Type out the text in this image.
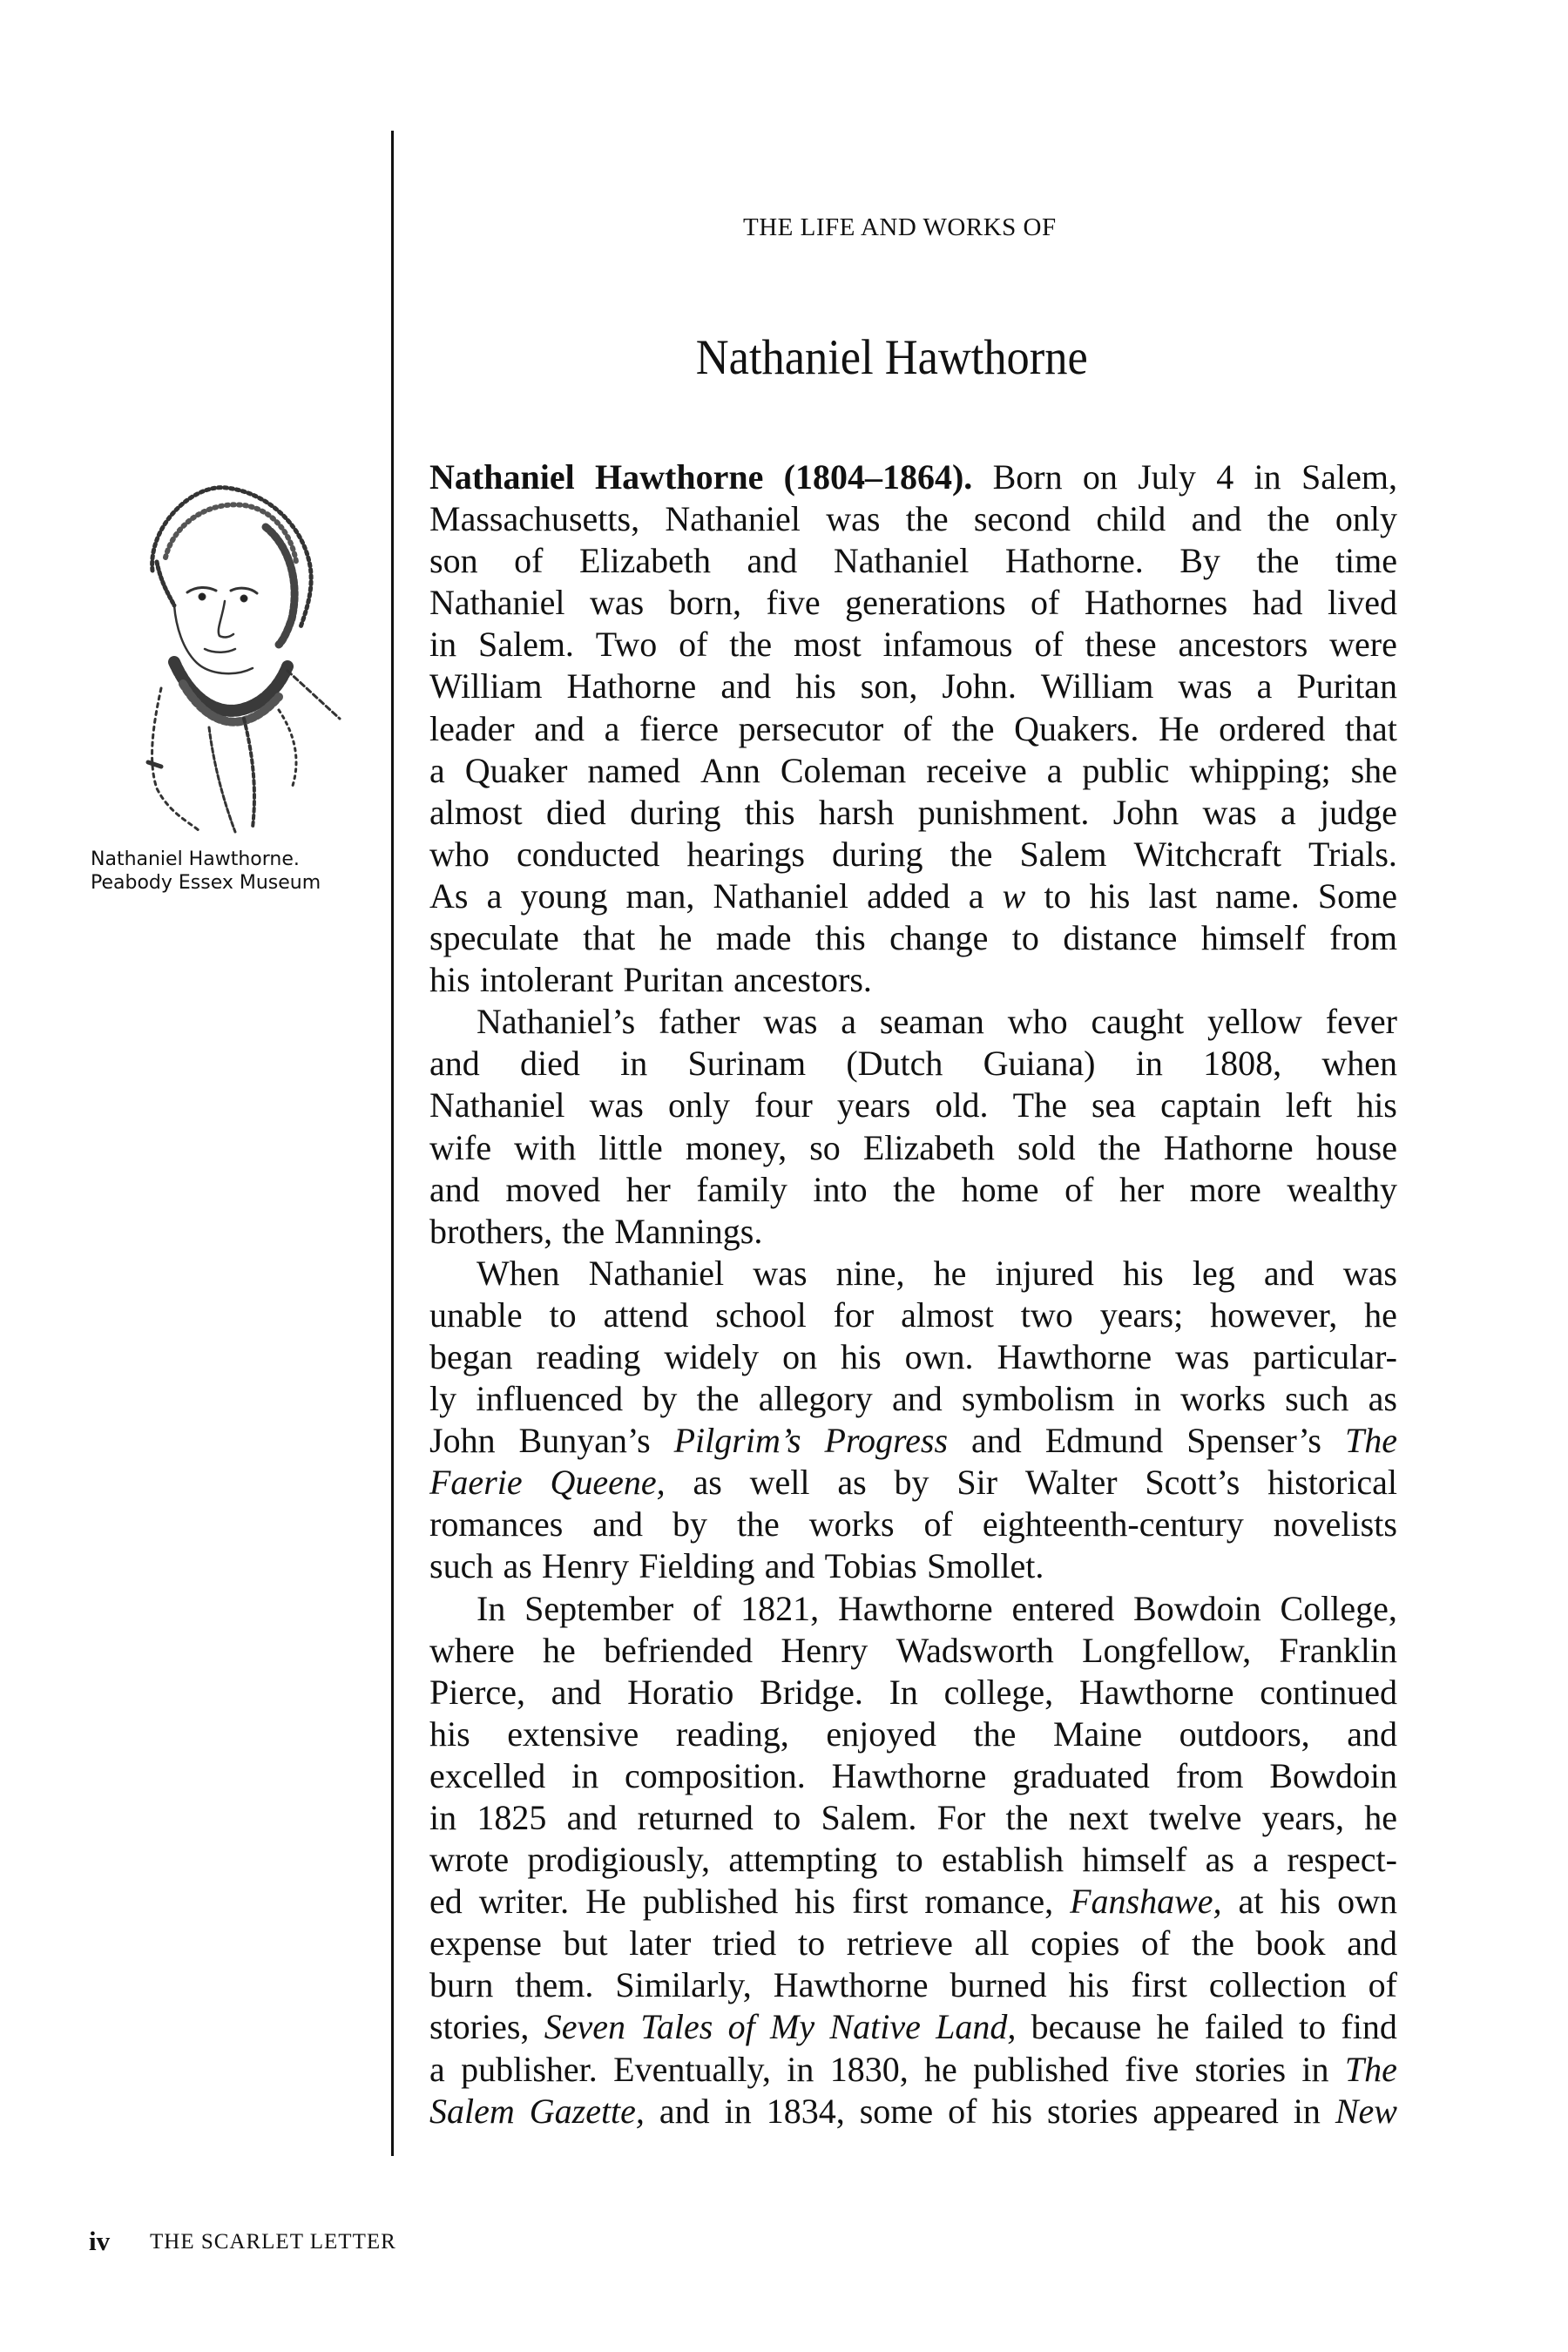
THE LIFE AND WORKS OF
Nathaniel Hawthorne
Nathaniel Hawthorne.
Peabody Essex Museum
Nathaniel Hawthorne (1804–1864). Born on July 4 in Salem,
Massachusetts, Nathaniel was the second child and the only
son of Elizabeth and Nathaniel Hathorne. By the time
Nathaniel was born, five generations of Hathornes had lived
in Salem. Two of the most infamous of these ancestors were
William Hathorne and his son, John. William was a Puritan
leader and a fierce persecutor of the Quakers. He ordered that
a Quaker named Ann Coleman receive a public whipping; she
almost died during this harsh punishment. John was a judge
who conducted hearings during the Salem Witchcraft Trials.
As a young man, Nathaniel added a w to his last name. Some
speculate that he made this change to distance himself from
his intolerant Puritan ancestors.
Nathaniel’s father was a seaman who caught yellow fever
and died in Surinam (Dutch Guiana) in 1808, when
Nathaniel was only four years old. The sea captain left his
wife with little money, so Elizabeth sold the Hathorne house
and moved her family into the home of her more wealthy
brothers, the Mannings.
When Nathaniel was nine, he injured his leg and was
unable to attend school for almost two years; however, he
began reading widely on his own. Hawthorne was particular-
ly influenced by the allegory and symbolism in works such as
John Bunyan’s Pilgrim’s Progress and Edmund Spenser’s The
Faerie Queene, as well as by Sir Walter Scott’s historical
romances and by the works of eighteenth-century novelists
such as Henry Fielding and Tobias Smollet.
In September of 1821, Hawthorne entered Bowdoin College,
where he befriended Henry Wadsworth Longfellow, Franklin
Pierce, and Horatio Bridge. In college, Hawthorne continued
his extensive reading, enjoyed the Maine outdoors, and
excelled in composition. Hawthorne graduated from Bowdoin
in 1825 and returned to Salem. For the next twelve years, he
wrote prodigiously, attempting to establish himself as a respect-
ed writer. He published his first romance, Fanshawe, at his own
expense but later tried to retrieve all copies of the book and
burn them. Similarly, Hawthorne burned his first collection of
stories, Seven Tales of My Native Land, because he failed to find
a publisher. Eventually, in 1830, he published five stories in The
Salem Gazette, and in 1834, some of his stories appeared in New
iv THE SCARLET LETTER
